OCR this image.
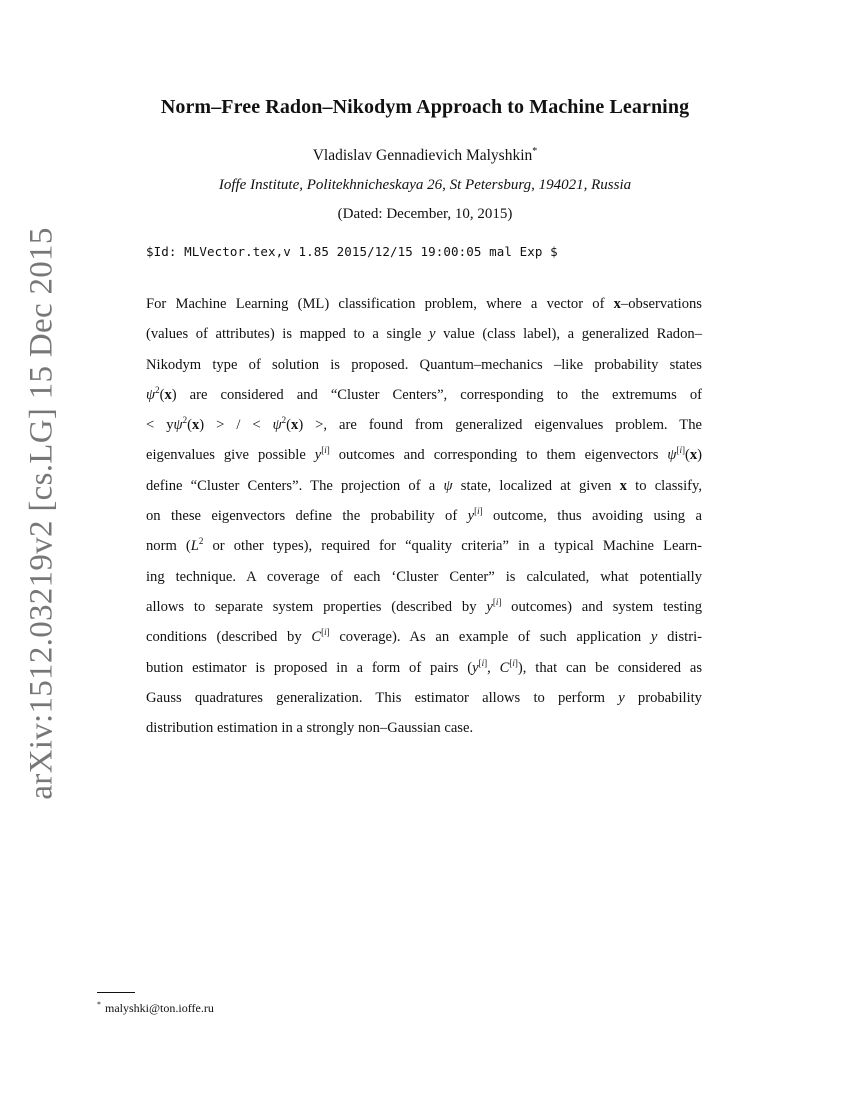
arXiv:1512.03219v2 [cs.LG] 15 Dec 2015
Norm–Free Radon–Nikodym Approach to Machine Learning
Vladislav Gennadievich Malyshkin*
Ioffe Institute, Politekhnicheskaya 26, St Petersburg, 194021, Russia
(Dated: December, 10, 2015)
$Id: MLVector.tex,v 1.85 2015/12/15 19:00:05 mal Exp $
For Machine Learning (ML) classification problem, where a vector of x–observations
(values of attributes) is mapped to a single y value (class label), a generalized Radon–
Nikodym type of solution is proposed. Quantum–mechanics –like probability states
$\psi^2(x)$ are considered and “Cluster Centers”, corresponding to the extremums of
< $y\psi^2(x)$ > / < $\psi^2(x)$ >, are found from generalized eigenvalues problem. The
eigenvalues give possible y[i] outcomes and corresponding to them eigenvectors ψ[i](x)
define “Cluster Centers”. The projection of a ψ state, localized at given x to classify,
on these eigenvectors define the probability of y[i] outcome, thus avoiding using a
norm ($L^2$ or other types), required for “quality criteria” in a typical Machine Learn-
ing technique. A coverage of each ‘Cluster Center” is calculated, what potentially
allows to separate system properties (described by y[i] outcomes) and system testing
conditions (described by C[i] coverage). As an example of such application y distri-
bution estimator is proposed in a form of pairs (y[i], C[i]), that can be considered as
Gauss quadratures generalization. This estimator allows to perform y probability
distribution estimation in a strongly non–Gaussian case.
* malyshki@ton.ioffe.ru
